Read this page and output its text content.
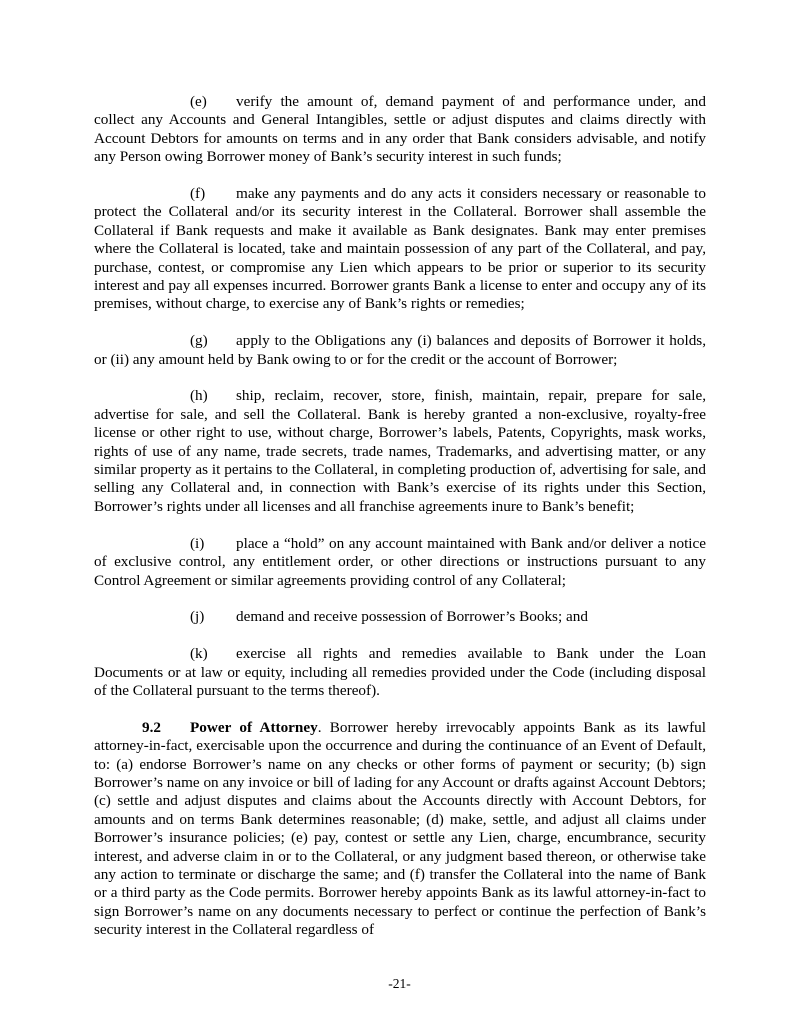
(e) verify the amount of, demand payment of and performance under, and collect any Accounts and General Intangibles, settle or adjust disputes and claims directly with Account Debtors for amounts on terms and in any order that Bank considers advisable, and notify any Person owing Borrower money of Bank’s security interest in such funds;

(f) make any payments and do any acts it considers necessary or reasonable to protect the Collateral and/or its security interest in the Collateral. Borrower shall assemble the Collateral if Bank requests and make it available as Bank designates. Bank may enter premises where the Collateral is located, take and maintain possession of any part of the Collateral, and pay, purchase, contest, or compromise any Lien which appears to be prior or superior to its security interest and pay all expenses incurred. Borrower grants Bank a license to enter and occupy any of its premises, without charge, to exercise any of Bank’s rights or remedies;

(g) apply to the Obligations any (i) balances and deposits of Borrower it holds, or (ii) any amount held by Bank owing to or for the credit or the account of Borrower;

(h) ship, reclaim, recover, store, finish, maintain, repair, prepare for sale, advertise for sale, and sell the Collateral. Bank is hereby granted a non-exclusive, royalty-free license or other right to use, without charge, Borrower’s labels, Patents, Copyrights, mask works, rights of use of any name, trade secrets, trade names, Trademarks, and advertising matter, or any similar property as it pertains to the Collateral, in completing production of, advertising for sale, and selling any Collateral and, in connection with Bank’s exercise of its rights under this Section, Borrower’s rights under all licenses and all franchise agreements inure to Bank’s benefit;

(i) place a “hold” on any account maintained with Bank and/or deliver a notice of exclusive control, any entitlement order, or other directions or instructions pursuant to any Control Agreement or similar agreements providing control of any Collateral;

(j) demand and receive possession of Borrower’s Books; and

(k) exercise all rights and remedies available to Bank under the Loan Documents or at law or equity, including all remedies provided under the Code (including disposal of the Collateral pursuant to the terms thereof).

9.2 Power of Attorney. Borrower hereby irrevocably appoints Bank as its lawful attorney-in-fact, exercisable upon the occurrence and during the continuance of an Event of Default, to: (a) endorse Borrower’s name on any checks or other forms of payment or security; (b) sign Borrower’s name on any invoice or bill of lading for any Account or drafts against Account Debtors; (c) settle and adjust disputes and claims about the Accounts directly with Account Debtors, for amounts and on terms Bank determines reasonable; (d) make, settle, and adjust all claims under Borrower’s insurance policies; (e) pay, contest or settle any Lien, charge, encumbrance, security interest, and adverse claim in or to the Collateral, or any judgment based thereon, or otherwise take any action to terminate or discharge the same; and (f) transfer the Collateral into the name of Bank or a third party as the Code permits. Borrower hereby appoints Bank as its lawful attorney-in-fact to sign Borrower’s name on any documents necessary to perfect or continue the perfection of Bank’s security interest in the Collateral regardless of

-21-
